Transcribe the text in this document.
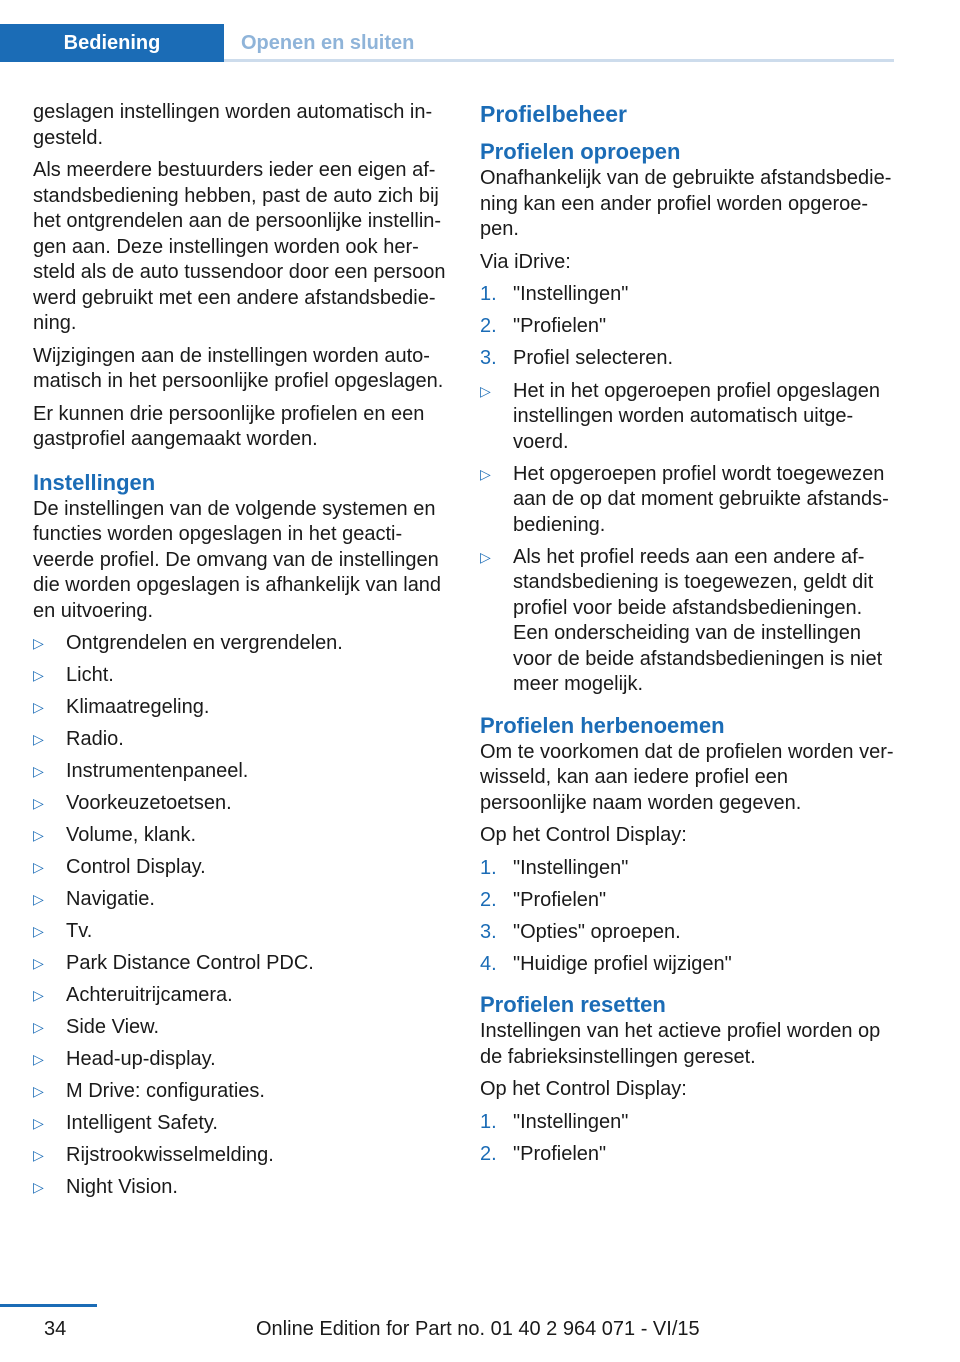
Bediening	Openen en sluiten

geslagen instellingen worden automatisch ingesteld.

Als meerdere bestuurders ieder een eigen afstandsbediening hebben, past de auto zich bij het ontgrendelen aan de persoonlijke instellingen aan. Deze instellingen worden ook hersteld als de auto tussendoor door een persoon werd gebruikt met een andere afstandsbediening.

Wijzigingen aan de instellingen worden automatisch in het persoonlijke profiel opgeslagen.

Er kunnen drie persoonlijke profielen en een gastprofiel aangemaakt worden.

Instellingen

De instellingen van de volgende systemen en functies worden opgeslagen in het geactiveerde profiel. De omvang van de instellingen die worden opgeslagen is afhankelijk van land en uitvoering.

▷	Ontgrendelen en vergrendelen.
▷	Licht.
▷	Klimaatregeling.
▷	Radio.
▷	Instrumentenpaneel.
▷	Voorkeuzetoetsen.
▷	Volume, klank.
▷	Control Display.
▷	Navigatie.
▷	Tv.
▷	Park Distance Control PDC.
▷	Achteruitrijcamera.
▷	Side View.
▷	Head-up-display.
▷	M Drive: configuraties.
▷	Intelligent Safety.
▷	Rijstrookwisselmelding.
▷	Night Vision.
Profielbeheer
Profielen oproepen

Onafhankelijk van de gebruikte afstandsbediening kan een ander profiel worden opgeroepen.

Via iDrive:

1. "Instellingen"
2. "Profielen"
3. Profiel selecteren.
▷	Het in het opgeroepen profiel opgeslagen instellingen worden automatisch uitgevoerd.
▷	Het opgeroepen profiel wordt toegewezen aan de op dat moment gebruikte afstandsbediening.
▷	Als het profiel reeds aan een andere afstandsbediening is toegewezen, geldt dit profiel voor beide afstandsbedieningen. Een onderscheiding van de instellingen voor de beide afstandsbedieningen is niet meer mogelijk.
Profielen herbenoemen

Om te voorkomen dat de profielen worden verwisseld, kan aan iedere profiel een persoonlijke naam worden gegeven.

Op het Control Display:

1. "Instellingen"
2. "Profielen"
3. "Opties" oproepen.
4. "Huidige profiel wijzigen"
Profielen resetten

Instellingen van het actieve profiel worden op de fabrieksinstellingen gereset.

Op het Control Display:

1. "Instellingen"
2. "Profielen"
34	Online Edition for Part no. 01 40 2 964 071 - VI/15
